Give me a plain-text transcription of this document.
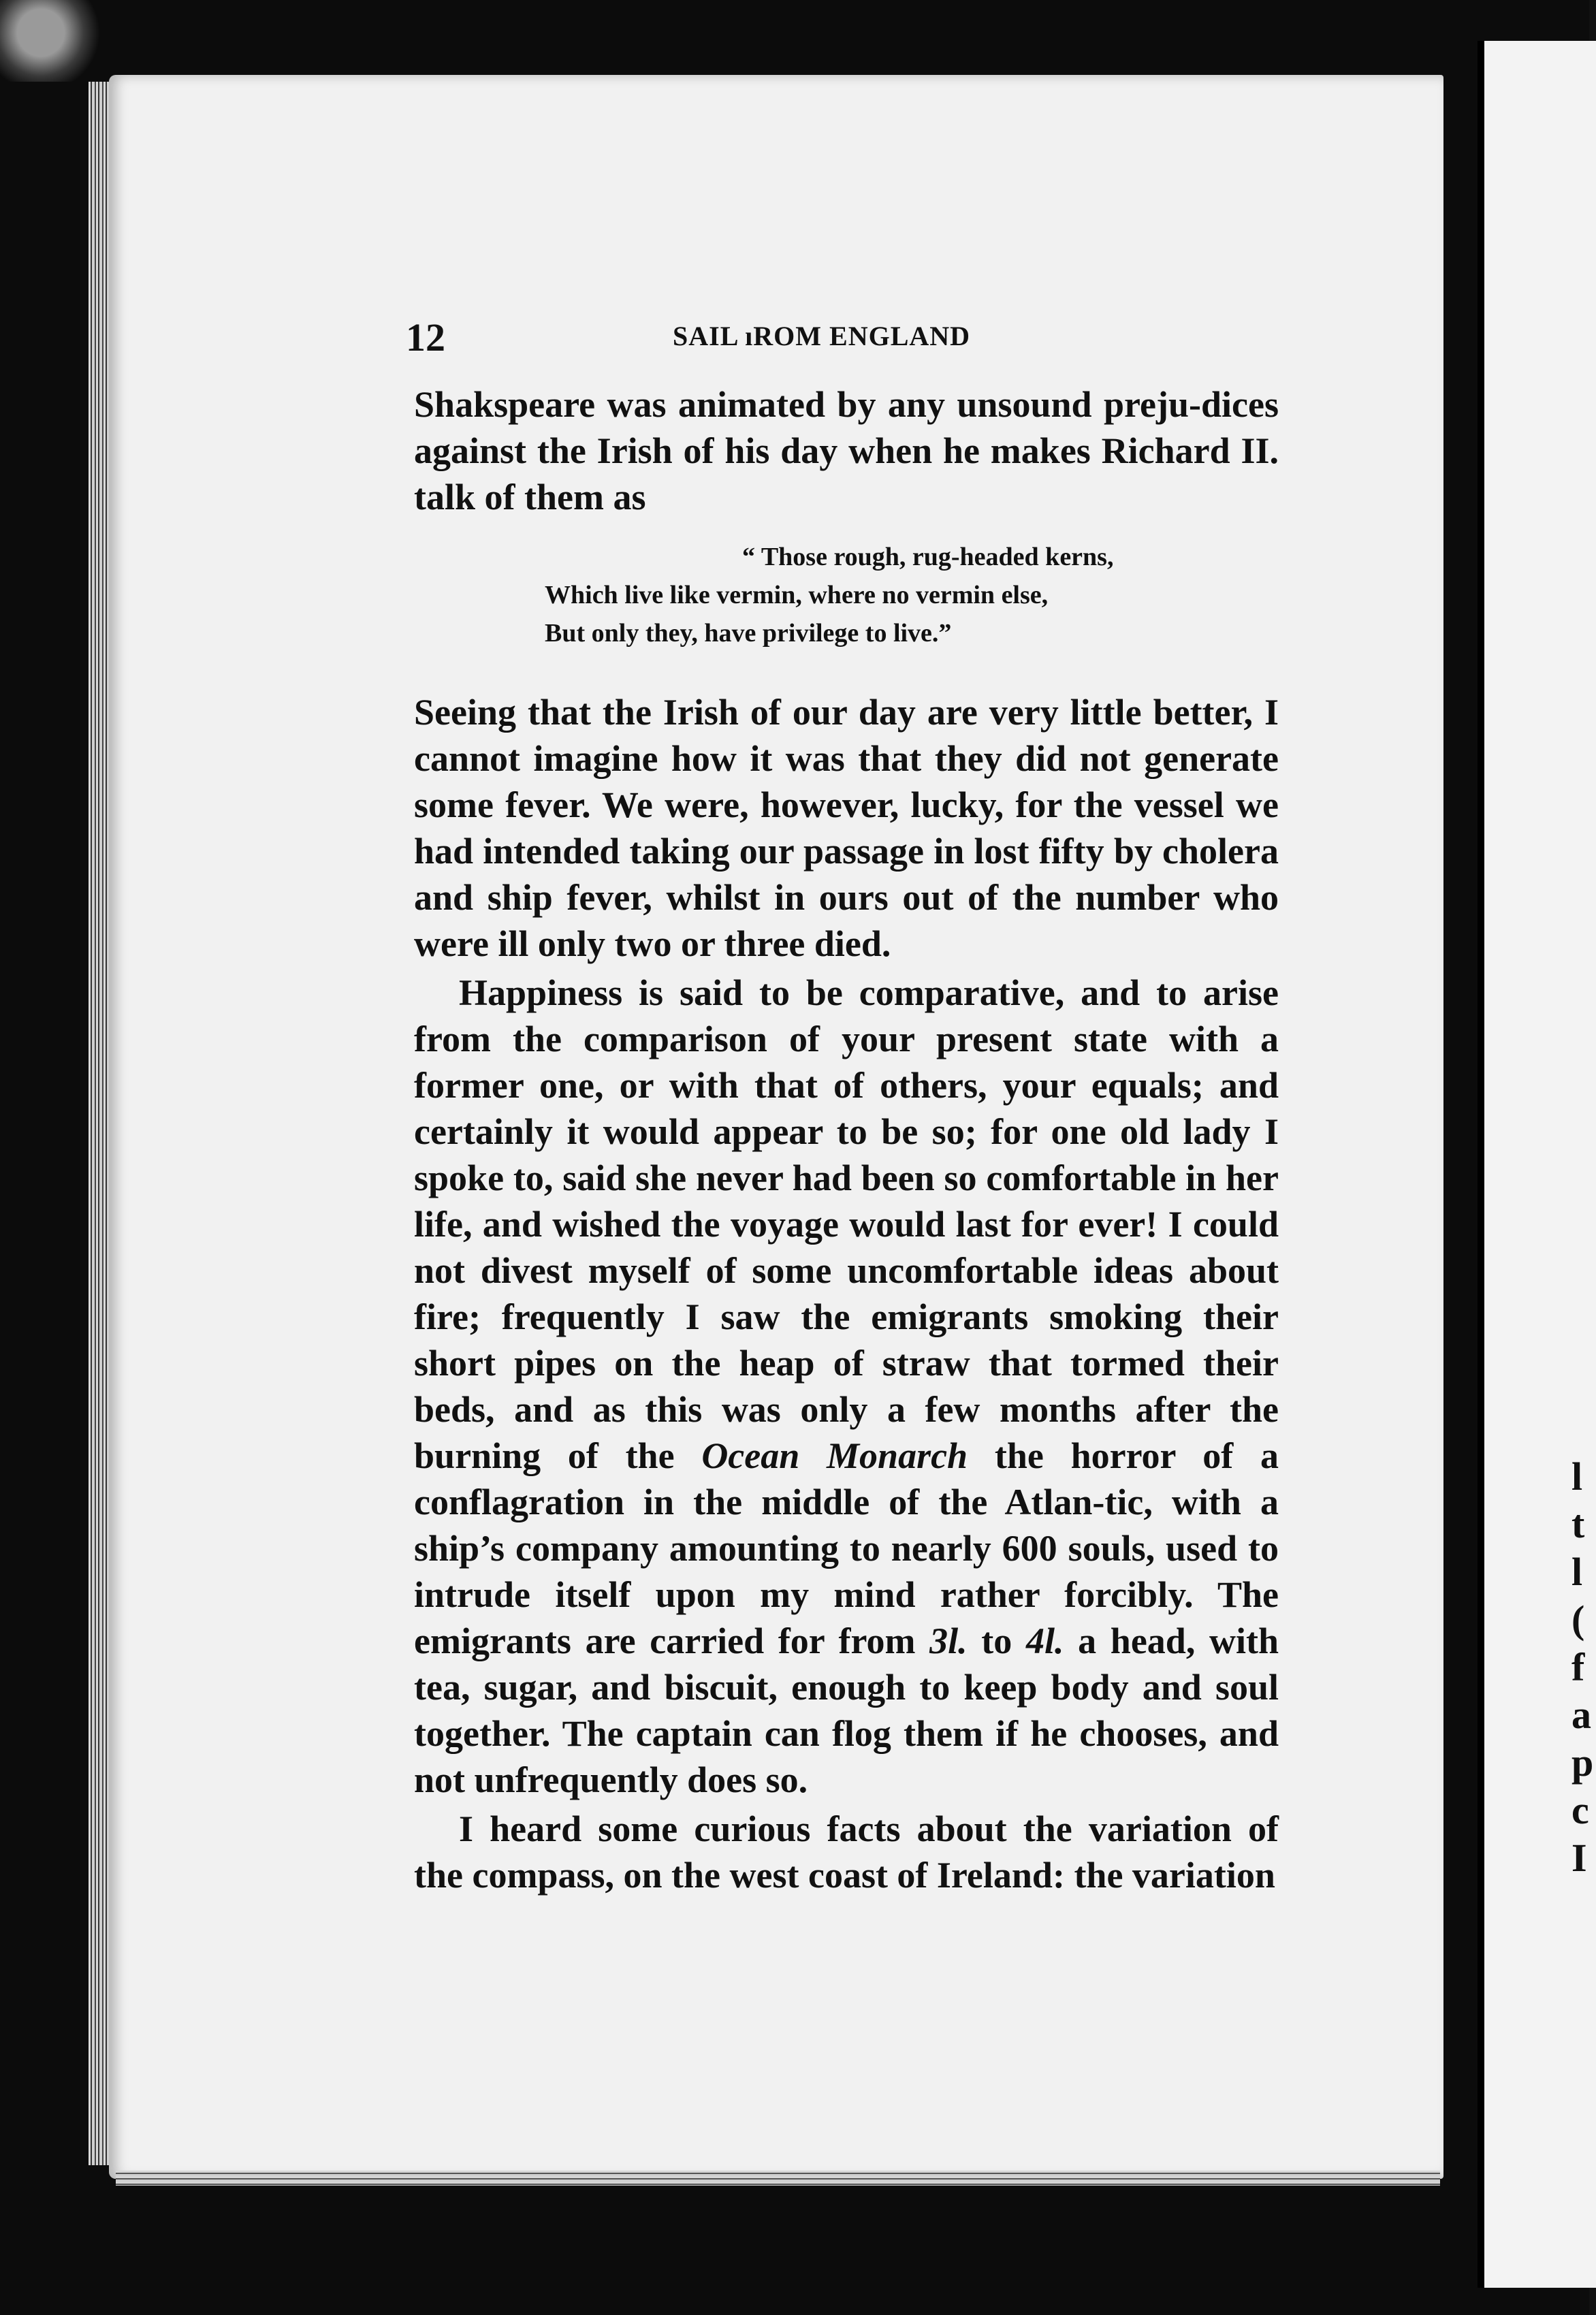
l
t
l
(
f
a
p
c
I
12	SAIL ıROM ENGLAND

Shakspeare was animated by any unsound preju-dices against the Irish of his day when he makes Richard II. talk of them as

“ Those rough, rug-headed kerns,
Which live like vermin, where no vermin else,
But only they, have privilege to live.”

Seeing that the Irish of our day are very little better, I cannot imagine how it was that they did not generate some fever. We were, however, lucky, for the vessel we had intended taking our passage in lost fifty by cholera and ship fever, whilst in ours out of the number who were ill only two or three died.

Happiness is said to be comparative, and to arise from the comparison of your present state with a former one, or with that of others, your equals; and certainly it would appear to be so; for one old lady I spoke to, said she never had been so comfortable in her life, and wished the voyage would last for ever! I could not divest myself of some uncomfortable ideas about fire; frequently I saw the emigrants smoking their short pipes on the heap of straw that tormed their beds, and as this was only a few months after the burning of the Ocean Monarch the horror of a conflagration in the middle of the Atlan-tic, with a ship’s company amounting to nearly 600 souls, used to intrude itself upon my mind rather forcibly. The emigrants are carried for from 3l. to 4l. a head, with tea, sugar, and biscuit, enough to keep body and soul together. The captain can flog them if he chooses, and not unfrequently does so.

I heard some curious facts about the variation of the compass, on the west coast of Ireland: the variation
